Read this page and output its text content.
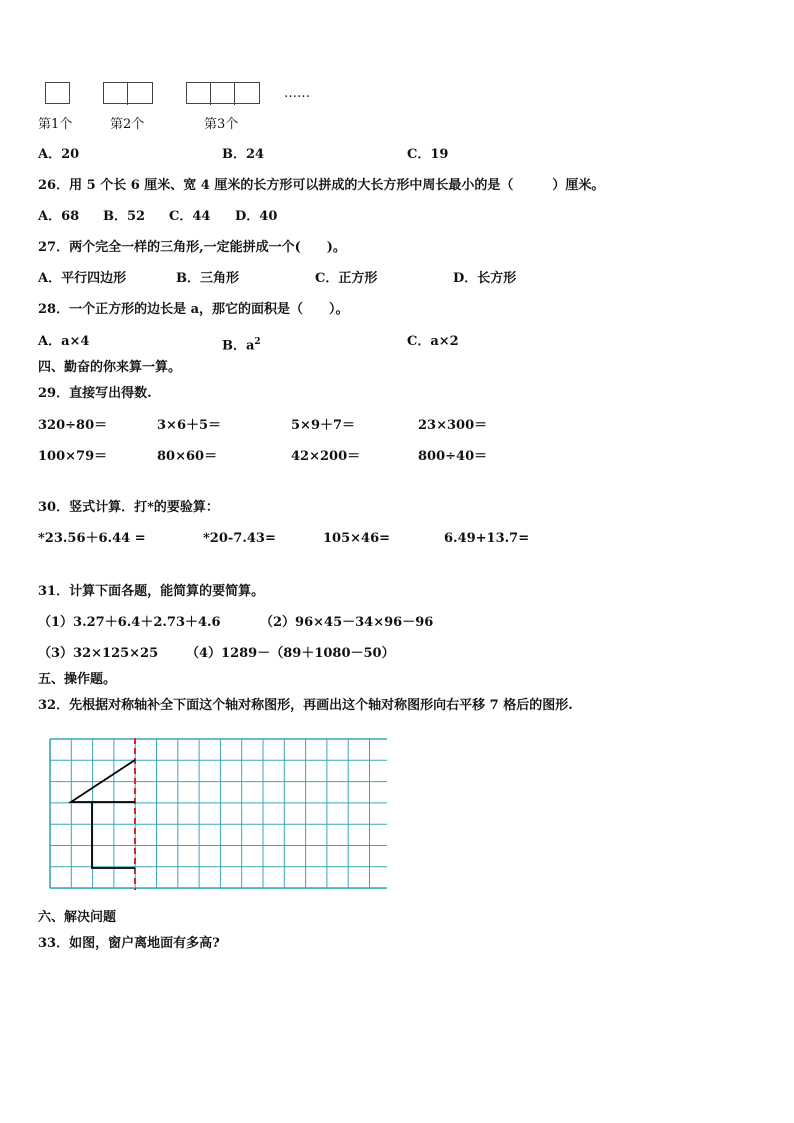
……
第1个	第2个	第3个
A．20	B．24	C．19
26．用 5 个长 6 厘米、宽 4 厘米的长方形可以拼成的大长方形中周长最小的是（　　　）厘米。
A．68 B．52 C．44 D．40
27．两个完全一样的三角形,一定能拼成一个(　　)。
A．平行四边形	B．三角形	C．正方形	D．长方形
28．一个正方形的边长是 a，那它的面积是（　　）。
A．a×4	B．$a^2$	C．a×2
四、勤奋的你来算一算。
29．直接写出得数.
320÷80＝	3×6＋5＝	5×9＋7＝	23×300＝
100×79＝	80×60＝	42×200＝	800÷40＝
30．竖式计算．打*的要验算：
*23.56＋6.44 =	*20-7.43=	105×46=	6.49+13.7=
31．计算下面各题，能简算的要简算。
（1）3.27＋6.4＋2.73＋4.6	（2）96×45－34×96－96
（3）32×125×25 （4）1289－（89＋1080－50）
五、操作题。
32．先根据对称轴补全下面这个轴对称图形，再画出这个轴对称图形向右平移 7 格后的图形.
六、解决问题
33．如图，窗户离地面有多高?
